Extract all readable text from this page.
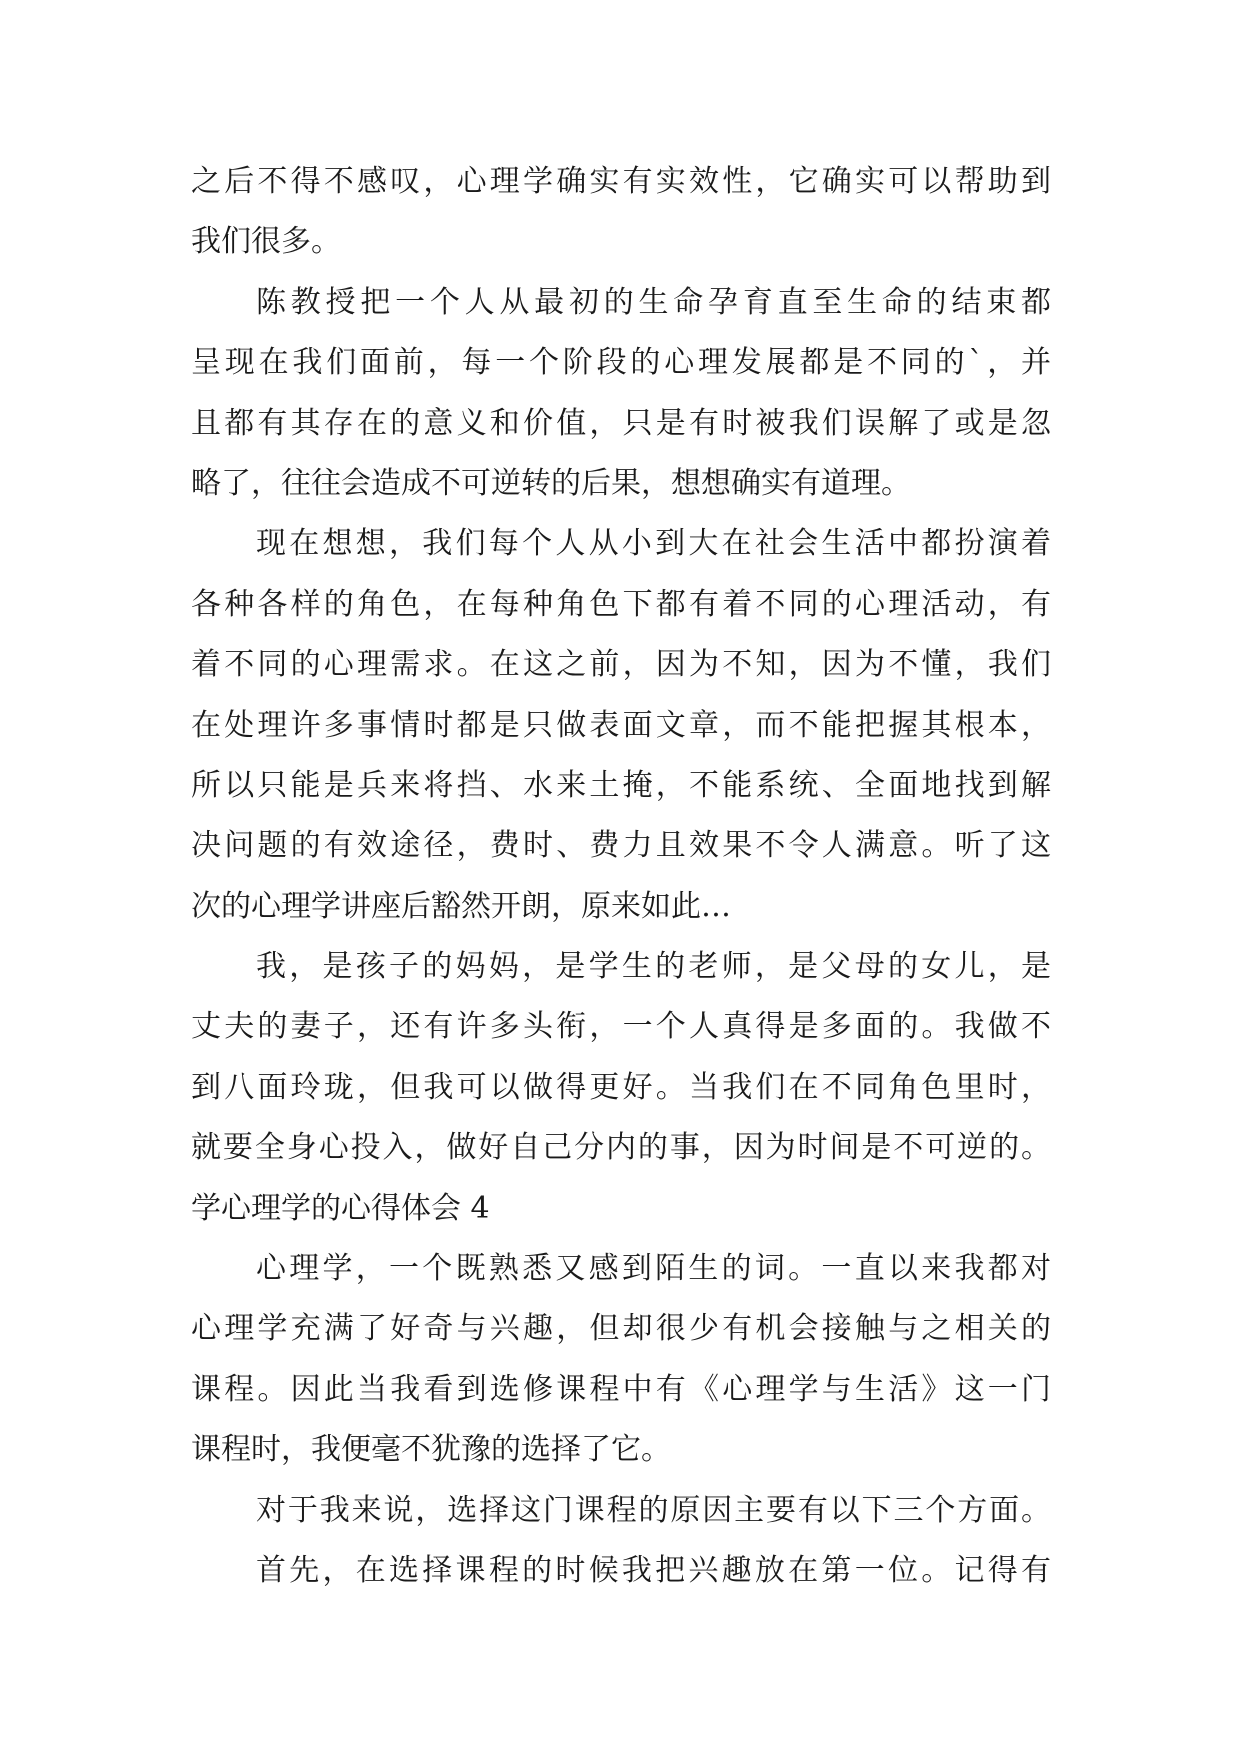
之后不得不感叹，心理学确实有实效性，它确实可以帮助到
我们很多。
陈教授把一个人从最初的生命孕育直至生命的结束都
呈现在我们面前，每一个阶段的心理发展都是不同的`，并
且都有其存在的意义和价值，只是有时被我们误解了或是忽
略了，往往会造成不可逆转的后果，想想确实有道理。
现在想想，我们每个人从小到大在社会生活中都扮演着
各种各样的角色，在每种角色下都有着不同的心理活动，有
着不同的心理需求。在这之前，因为不知，因为不懂，我们
在处理许多事情时都是只做表面文章，而不能把握其根本，
所以只能是兵来将挡、水来土掩，不能系统、全面地找到解
决问题的有效途径，费时、费力且效果不令人满意。听了这
次的心理学讲座后豁然开朗，原来如此…
我，是孩子的妈妈，是学生的老师，是父母的女儿，是
丈夫的妻子，还有许多头衔，一个人真得是多面的。我做不
到八面玲珑，但我可以做得更好。当我们在不同角色里时，
就要全身心投入，做好自己分内的事，因为时间是不可逆的。
学心理学的心得体会 4
心理学，一个既熟悉又感到陌生的词。一直以来我都对
心理学充满了好奇与兴趣，但却很少有机会接触与之相关的
课程。因此当我看到选修课程中有《心理学与生活》这一门
课程时，我便毫不犹豫的选择了它。
对于我来说，选择这门课程的原因主要有以下三个方面。
首先，在选择课程的时候我把兴趣放在第一位。记得有
